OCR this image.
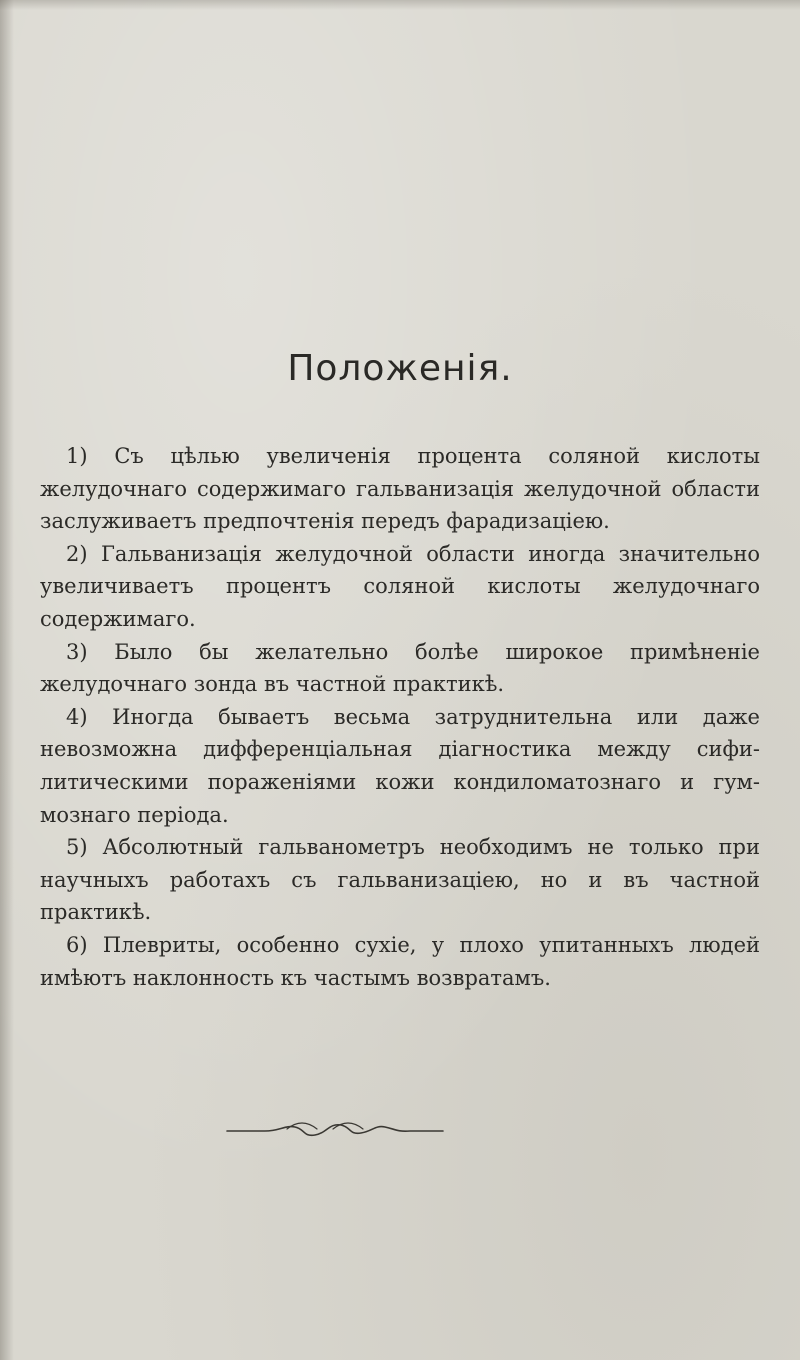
Положенія.

1) Съ цѣлью увеличенія процента соляной кислоты желудочнаго содержимаго гальванизація желудочной области заслуживаетъ предпочтенія передъ фарадизаціею.

2) Гальванизація желудочной области иногда значительно увеличиваетъ процентъ соляной кислоты желудочнаго содержимаго.

3) Было бы желательно болѣе широкое примѣненіе желудочнаго зонда въ частной практикѣ.

4) Иногда бываетъ весьма затруднительна или даже невозможна дифференціальная діагностика между сифилитическими пораженіями кожи кондиломатознаго и гуммознаго періода.

5) Абсолютный гальванометръ необходимъ не только при научныхъ работахъ съ гальванизаціею, но и въ частной практикѣ.

6) Плевриты, особенно сухіе, у плохо упитанныхъ людей имѣютъ наклонность къ частымъ возвратамъ.
